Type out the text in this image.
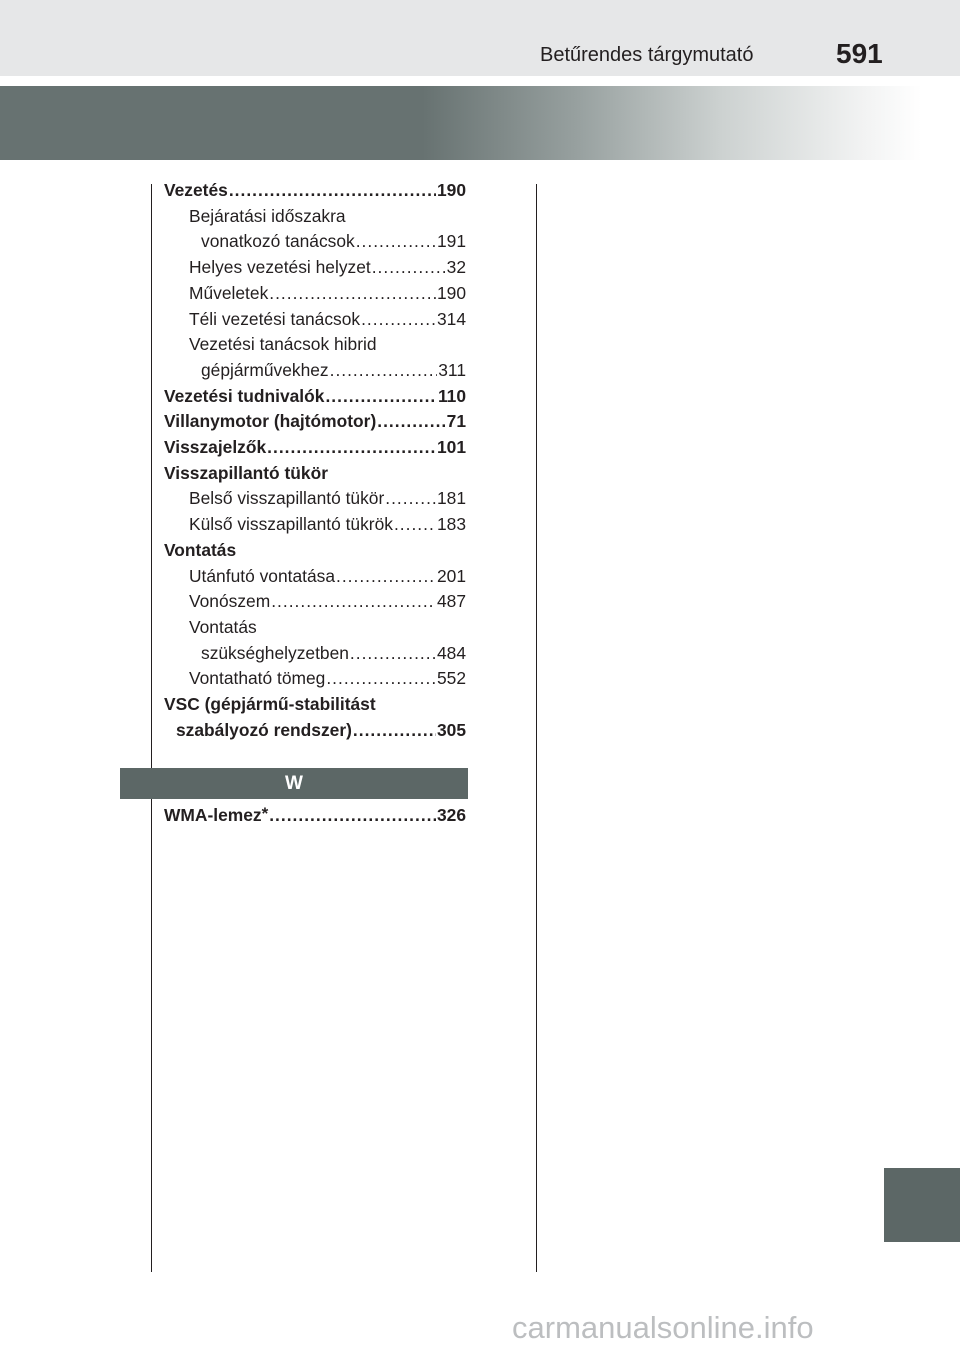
Betűrendes tárgymutató	591
Vezetés .....	190
Bejáratási időszakra
vonatkozó tanácsok .....	191
Helyes vezetési helyzet .....	32
Műveletek .....	190
Téli vezetési tanácsok .....	314
Vezetési tanácsok hibrid
gépjárművekhez .....	311
Vezetési tudnivalók .....	110
Villanymotor (hajtómotor) .....	71
Visszajelzők .....	101
Visszapillantó tükör
Belső visszapillantó tükör .....	181
Külső visszapillantó tükrök .....	183
Vontatás
Utánfutó vontatása .....	201
Vonószem .....	487
Vontatás
szükséghelyzetben .....	484
Vontatható tömeg .....	552
VSC (gépjármű-stabilitást
szabályozó rendszer) .....	305
W
WMA-lemez* .....	326
carmanualsonline.info
